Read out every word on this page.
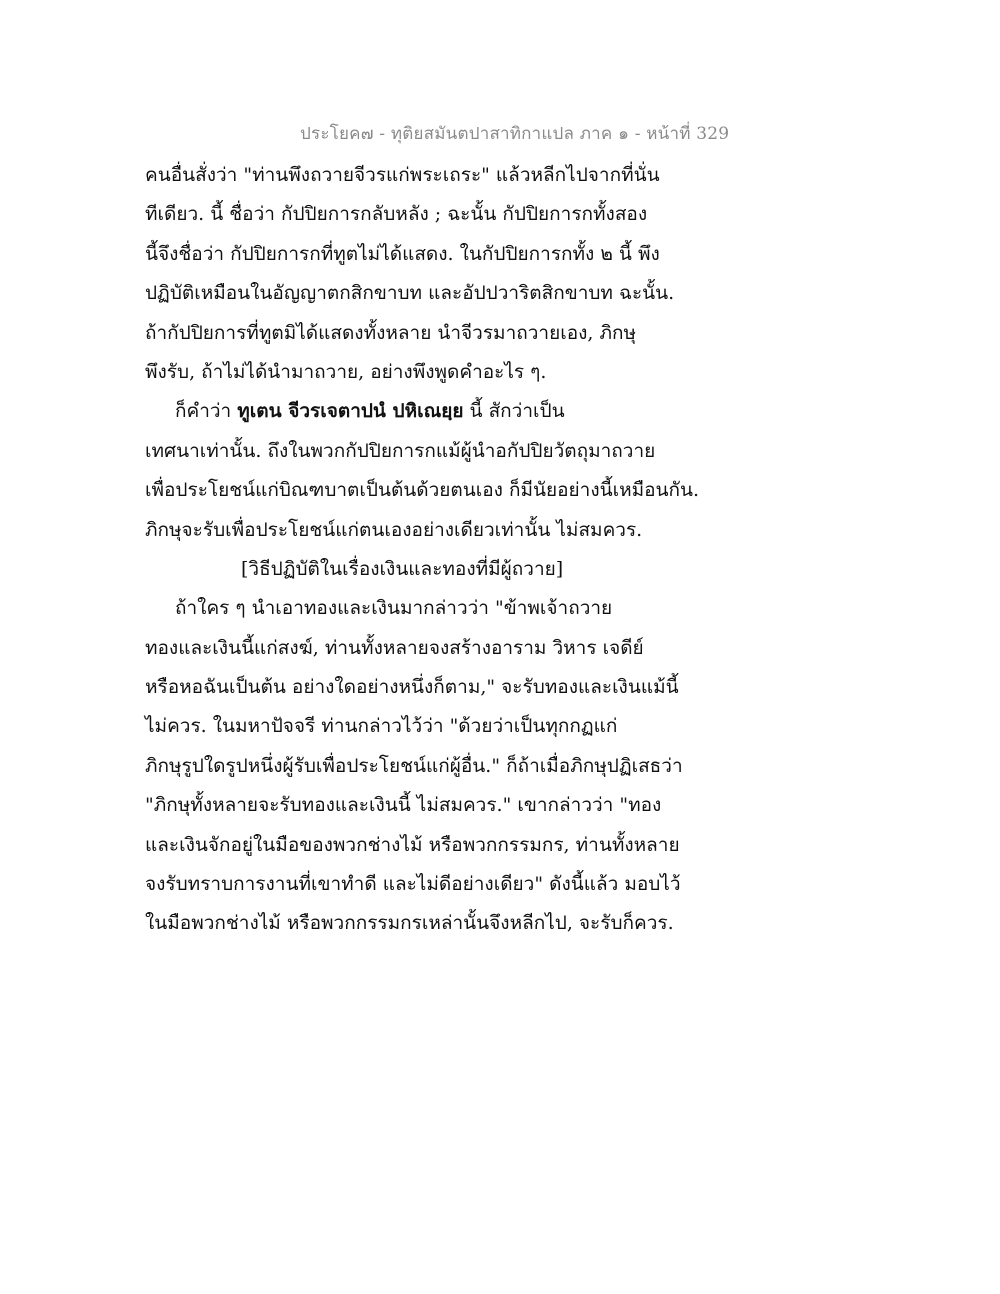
ประโยค๗ - ทุติยสมันตปาสาทิกาแปล ภาค ๑ - หน้าที่ 329
คนอื่นสั่งว่า "ท่านพึงถวายจีวรแก่พระเถระ" แล้วหลีกไปจากที่นั่น
ทีเดียว. นี้ ชื่อว่า กัปปิยการกลับหลัง ; ฉะนั้น กัปปิยการกทั้งสอง
นี้จึงชื่อว่า กัปปิยการกที่ทูตไม่ได้แสดง. ในกัปปิยการกทั้ง ๒ นี้ พึง
ปฏิบัติเหมือนในอัญญาตกสิกขาบท และอัปปวาริตสิกขาบท ฉะนั้น.
ถ้ากัปปิยการที่ทูตมิได้แสดงทั้งหลาย นำจีวรมาถวายเอง, ภิกษุ
พึงรับ, ถ้าไม่ได้นำมาถวาย, อย่างพึงพูดคำอะไร ๆ.
ก็คำว่า ทูเตน จีวรเจตาปนํ ปหิเณยฺย นี้ สักว่าเป็น
เทศนาเท่านั้น. ถึงในพวกกัปปิยการกแม้ผู้นำอกัปปิยวัตถุมาถวาย
เพื่อประโยชน์แก่บิณฑบาตเป็นต้นด้วยตนเอง ก็มีนัยอย่างนี้เหมือนกัน.
ภิกษุจะรับเพื่อประโยชน์แก่ตนเองอย่างเดียวเท่านั้น ไม่สมควร.
[วิธีปฏิบัติในเรื่องเงินและทองที่มีผู้ถวาย]
ถ้าใคร ๆ นำเอาทองและเงินมากล่าวว่า "ข้าพเจ้าถวาย
ทองและเงินนี้แก่สงฆ์, ท่านทั้งหลายจงสร้างอาราม วิหาร เจดีย์
หรือหอฉันเป็นต้น อย่างใดอย่างหนึ่งก็ตาม," จะรับทองและเงินแม้นี้
ไม่ควร. ในมหาปัจจรี ท่านกล่าวไว้ว่า "ด้วยว่าเป็นทุกกฏแก่
ภิกษุรูปใดรูปหนึ่งผู้รับเพื่อประโยชน์แก่ผู้อื่น." ก็ถ้าเมื่อภิกษุปฏิเสธว่า
"ภิกษุทั้งหลายจะรับทองและเงินนี้ ไม่สมควร." เขากล่าวว่า "ทอง
และเงินจักอยู่ในมือของพวกช่างไม้ หรือพวกกรรมกร, ท่านทั้งหลาย
จงรับทราบการงานที่เขาทำดี และไม่ดีอย่างเดียว" ดังนี้แล้ว มอบไว้
ในมือพวกช่างไม้ หรือพวกกรรมกรเหล่านั้นจึงหลีกไป, จะรับก็ควร.
